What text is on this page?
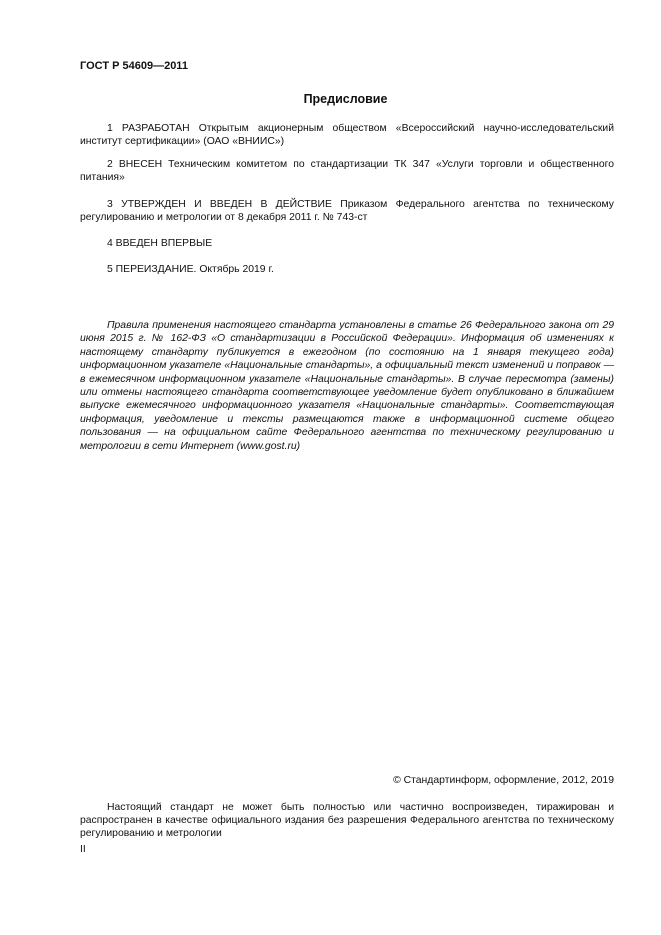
ГОСТ Р 54609—2011
Предисловие
1 РАЗРАБОТАН Открытым акционерным обществом «Всероссийский научно-исследовательский институт сертификации» (ОАО «ВНИИС»)
2 ВНЕСЕН Техническим комитетом по стандартизации ТК 347 «Услуги торговли и общественного питания»
3 УТВЕРЖДЕН И ВВЕДЕН В ДЕЙСТВИЕ Приказом Федерального агентства по техническому регулированию и метрологии от 8 декабря 2011 г. № 743-ст
4 ВВЕДЕН ВПЕРВЫЕ
5 ПЕРЕИЗДАНИЕ. Октябрь 2019 г.
Правила применения настоящего стандарта установлены в статье 26 Федерального закона от 29 июня 2015 г. № 162-ФЗ «О стандартизации в Российской Федерации». Информация об изменениях к настоящему стандарту публикуется в ежегодном (по состоянию на 1 января текущего года) информационном указателе «Национальные стандарты», а официальный текст изменений и поправок — в ежемесячном информационном указателе «Национальные стандарты». В случае пересмотра (замены) или отмены настоящего стандарта соответствующее уведомление будет опубликовано в ближайшем выпуске ежемесячного информационного указателя «Национальные стандарты». Соответствующая информация, уведомление и тексты размещаются также в информационной системе общего пользования — на официальном сайте Федерального агентства по техническому регулированию и метрологии в сети Интернет (www.gost.ru)
© Стандартинформ, оформление, 2012, 2019
Настоящий стандарт не может быть полностью или частично воспроизведен, тиражирован и распространен в качестве официального издания без разрешения Федерального агентства по техническому регулированию и метрологии
II
